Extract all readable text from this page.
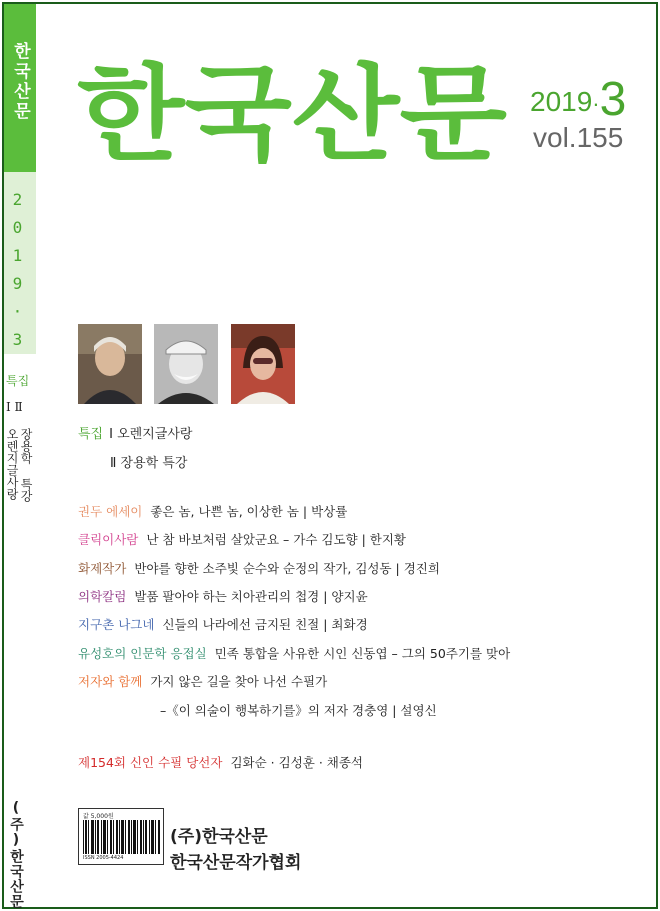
한국산문
2019·3
특집
Ⅰ Ⅱ
오렌지글사랑 장용학 특강
(주)한국산문
한국산문 2019·3
vol.155
특집 Ⅰ 오렌지글사랑
Ⅱ 장용학 특강
권두 에세이 좋은 놈, 나쁜 놈, 이상한 놈 | 박상률
클릭이사람 난 참 바보처럼 살았군요 – 가수 김도향 | 한지황
화제작가 반야를 향한 소주빛 순수와 순정의 작가, 김성동 | 경진희
의학칼럼 발품 팔아야 하는 치아관리의 첩경 | 양지윤
지구촌 나그네 신들의 나라에선 금지된 친절 | 최화경
유성호의 인문학 응접실 민족 통합을 사유한 시인 신동엽 – 그의 50주기를 맞아
저자와 함께 가지 않은 길을 찾아 나선 수필가
–《이 의술이 행복하기를》의 저자 경충영 | 설영신
제154회 신인 수필 당선자 김화순 · 김성훈 · 채종석
값 5,000원
ISSN 2005-4424
(주)한국산문
한국산문작가협회
